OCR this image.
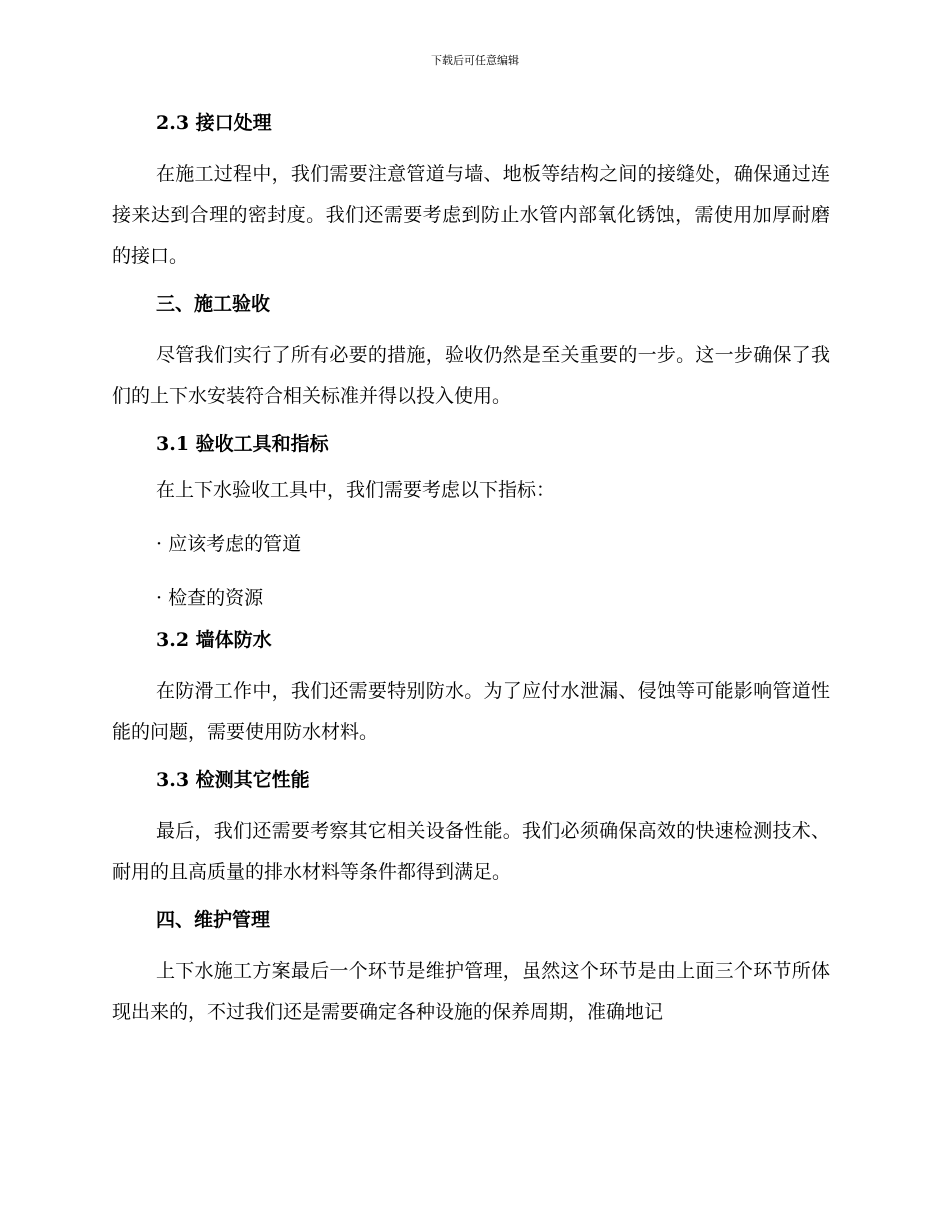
下载后可任意编辑
2.3 接口处理
在施工过程中，我们需要注意管道与墙、地板等结构之间的接缝处，确保通过连接来达到合理的密封度。我们还需要考虑到防止水管内部氧化锈蚀，需使用加厚耐磨的接口。
三、施工验收
尽管我们实行了所有必要的措施，验收仍然是至关重要的一步。这一步确保了我们的上下水安装符合相关标准并得以投入使用。
3.1 验收工具和指标
在上下水验收工具中，我们需要考虑以下指标：
· 应该考虑的管道
· 检查的资源
3.2 墙体防水
在防滑工作中，我们还需要特别防水。为了应付水泄漏、侵蚀等可能影响管道性能的问题，需要使用防水材料。
3.3 检测其它性能
最后，我们还需要考察其它相关设备性能。我们必须确保高效的快速检测技术、耐用的且高质量的排水材料等条件都得到满足。
四、维护管理
上下水施工方案最后一个环节是维护管理，虽然这个环节是由上面三个环节所体现出来的，不过我们还是需要确定各种设施的保养周期，准确地记
